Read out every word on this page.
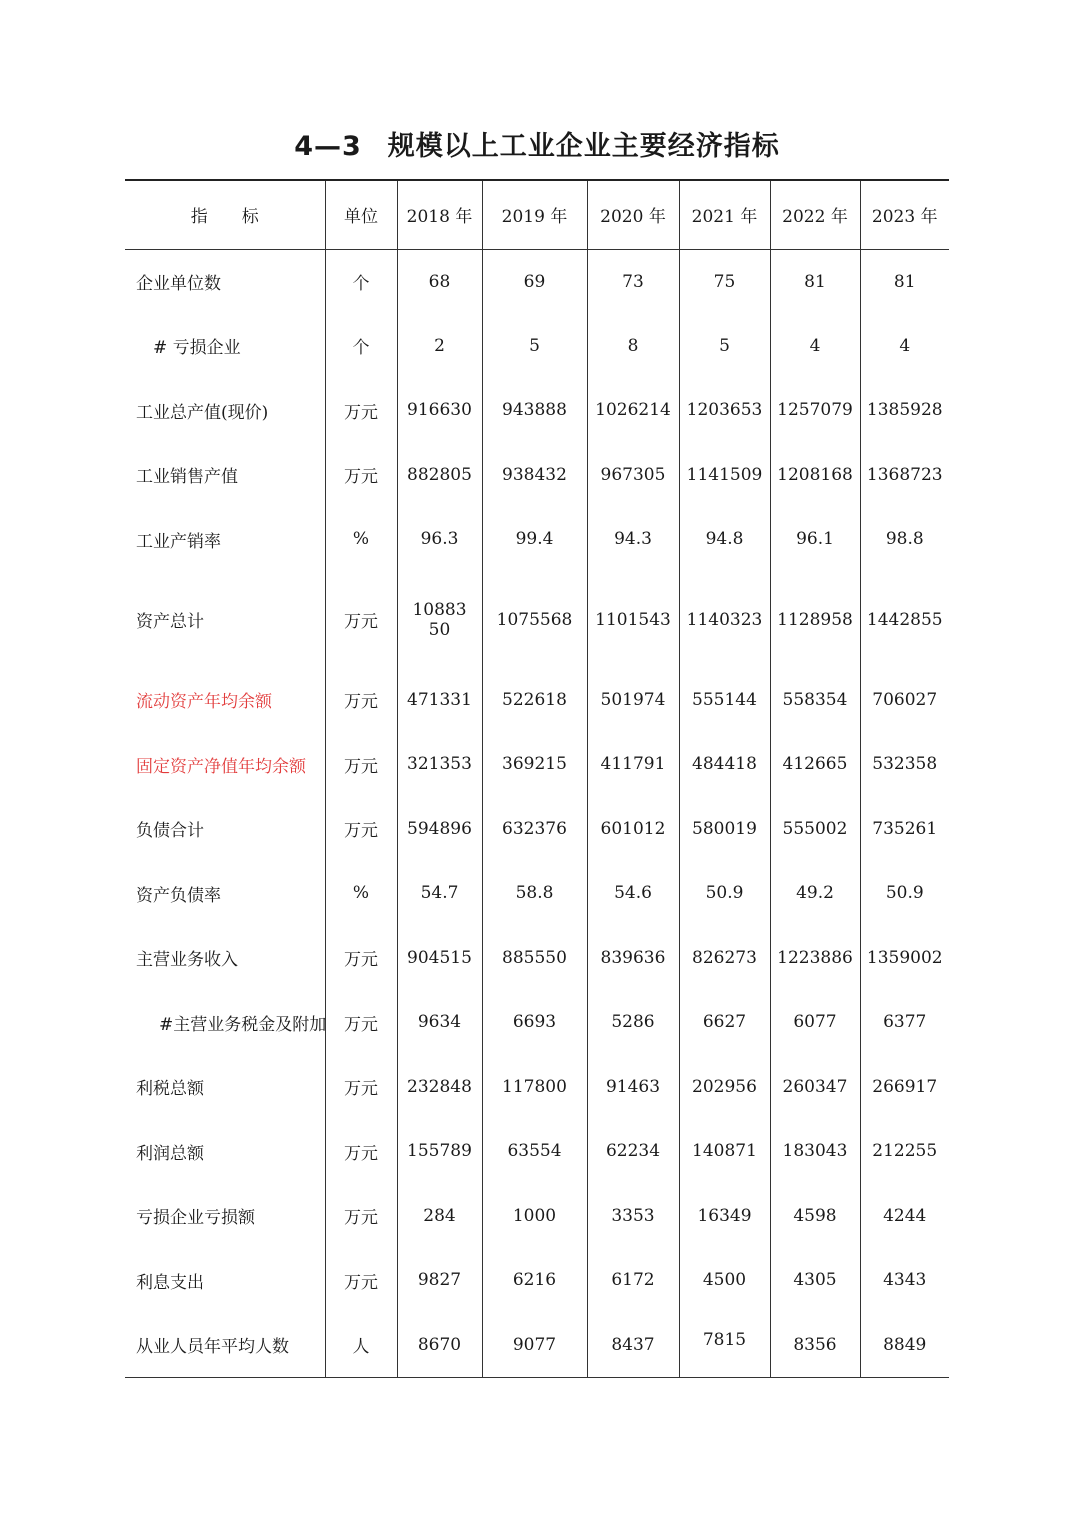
4—3 规模以上工业企业主要经济指标
指　　标	单位	2018 年	2019 年	2020 年	2021 年	2022 年	2023 年
企业单位数	个	68	69	73	75	81	81
# 亏损企业	个	2	5	8	5	4	4
工业总产值(现价)	万元	916630	943888	1026214	1203653	1257079	1385928
工业销售产值	万元	882805	938432	967305	1141509	1208168	1368723
工业产销率	%	96.3	99.4	94.3	94.8	96.1	98.8
资产总计	万元	1088350	1075568	1101543	1140323	1128958	1442855
流动资产年均余额	万元	471331	522618	501974	555144	558354	706027
固定资产净值年均余额	万元	321353	369215	411791	484418	412665	532358
负债合计	万元	594896	632376	601012	580019	555002	735261
资产负债率	%	54.7	58.8	54.6	50.9	49.2	50.9
主营业务收入	万元	904515	885550	839636	826273	1223886	1359002
#主营业务税金及附加	万元	9634	6693	5286	6627	6077	6377
利税总额	万元	232848	117800	91463	202956	260347	266917
利润总额	万元	155789	63554	62234	140871	183043	212255
亏损企业亏损额	万元	284	1000	3353	16349	4598	4244
利息支出	万元	9827	6216	6172	4500	4305	4343
从业人员年平均人数	人	8670	9077	8437	7815	8356	8849
